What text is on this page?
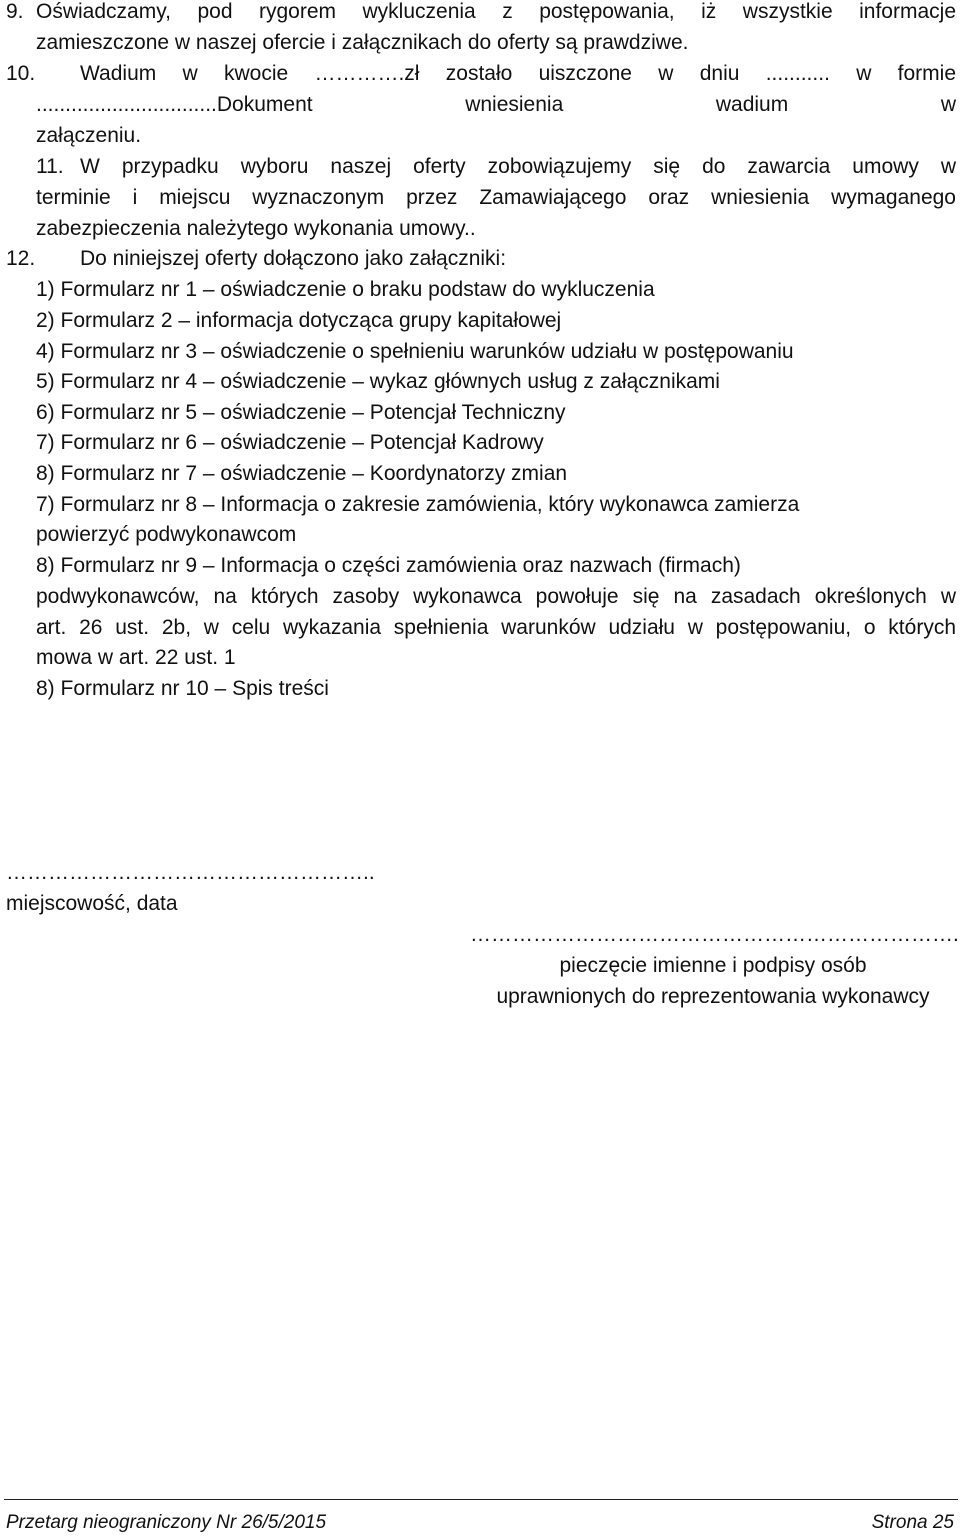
9. Oświadczamy, pod rygorem wykluczenia z postępowania, iż wszystkie informacje
zamieszczone w naszej ofercie i załącznikach do oferty są prawdziwe.
10. Wadium w kwocie ………….zł zostało uiszczone w dniu ........... w formie
...............................Dokument wniesienia wadium w
załączeniu.
11. W przypadku wyboru naszej oferty zobowiązujemy się do zawarcia umowy w
terminie i miejscu wyznaczonym przez Zamawiającego oraz wniesienia wymaganego
zabezpieczenia należytego wykonania umowy..
12. Do niniejszej oferty dołączono jako załączniki:
1) Formularz nr 1 – oświadczenie o braku podstaw do wykluczenia
2) Formularz 2 – informacja dotycząca grupy kapitałowej
4) Formularz nr 3 – oświadczenie o spełnieniu warunków udziału w postępowaniu
5) Formularz nr 4 – oświadczenie – wykaz głównych usług z załącznikami
6) Formularz nr 5 – oświadczenie – Potencjał Techniczny
7) Formularz nr 6 – oświadczenie – Potencjał Kadrowy
8) Formularz nr 7 – oświadczenie – Koordynatorzy zmian
7) Formularz nr 8 – Informacja o zakresie zamówienia, który wykonawca zamierza
powierzyć podwykonawcom
8) Formularz nr 9 – Informacja o części zamówienia oraz nazwach (firmach)
podwykonawców, na których zasoby wykonawca powołuje się na zasadach określonych w
art. 26 ust. 2b, w celu wykazania spełnienia warunków udziału w postępowaniu, o których
mowa w art. 22 ust. 1
8) Formularz nr 10 – Spis treści
……………………………………………..
miejscowość, data
…………………………………………………………….
pieczęcie imienne i podpisy osób
uprawnionych do reprezentowania wykonawcy
Przetarg nieograniczony Nr 26/5/2015	Strona 25
